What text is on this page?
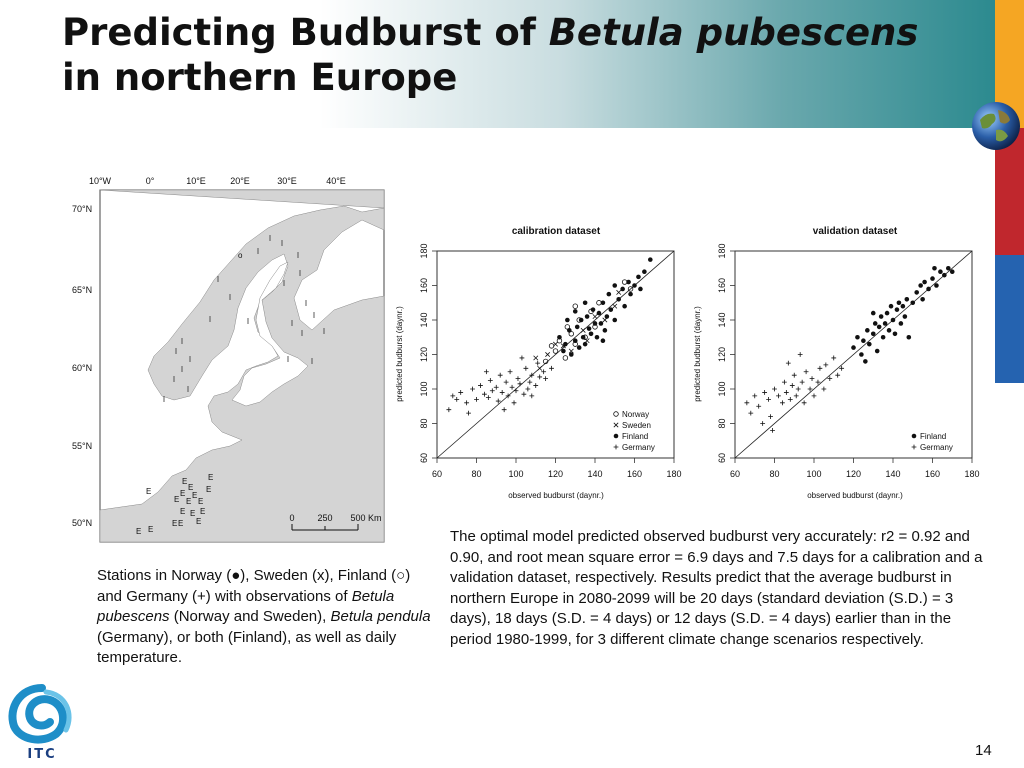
Predicting Budburst of Betula pubescens
in northern Europe
10°W	0°	10°E	20°E	30°E	40°E
70°N
65°N
60°N
55°N
50°N
E
E
E E
E E E
E
E
E
E E E
E
E E
E E
o
0	250 500 Km
Stations in Norway (●), Sweden (x), Finland (○) and Germany (+) with observations of Betula pubescens (Norway and Sweden), Betula pendula (Germany), or both (Finland), as well as daily temperature.
calibration dataset
60	80	100	120	140	160	180
60
80
100
120
140
160
180
observed budburst (daynr.)
predicted budburst (daynr.)
Norway
Sweden
Finland
Germany
validation dataset
60	80	100	120	140	160	180
60
80
100
120
140
160
180
observed budburst (daynr.)
predicted budburst (daynr.)
Finland
Germany
The optimal model predicted observed budburst very accurately: r2 = 0.92 and 0.90, and root mean square error = 6.9 days and 7.5 days for a calibration and a validation dataset, respectively. Results predict that the average budburst in northern Europe in 2080-2099 will be 20 days (standard deviation (S.D.) = 3 days), 18 days (S.D. = 4 days) or 12 days (S.D. = 4 days) earlier than in the period 1980-1999, for 3 different climate change scenarios respectively.
ITC	14
